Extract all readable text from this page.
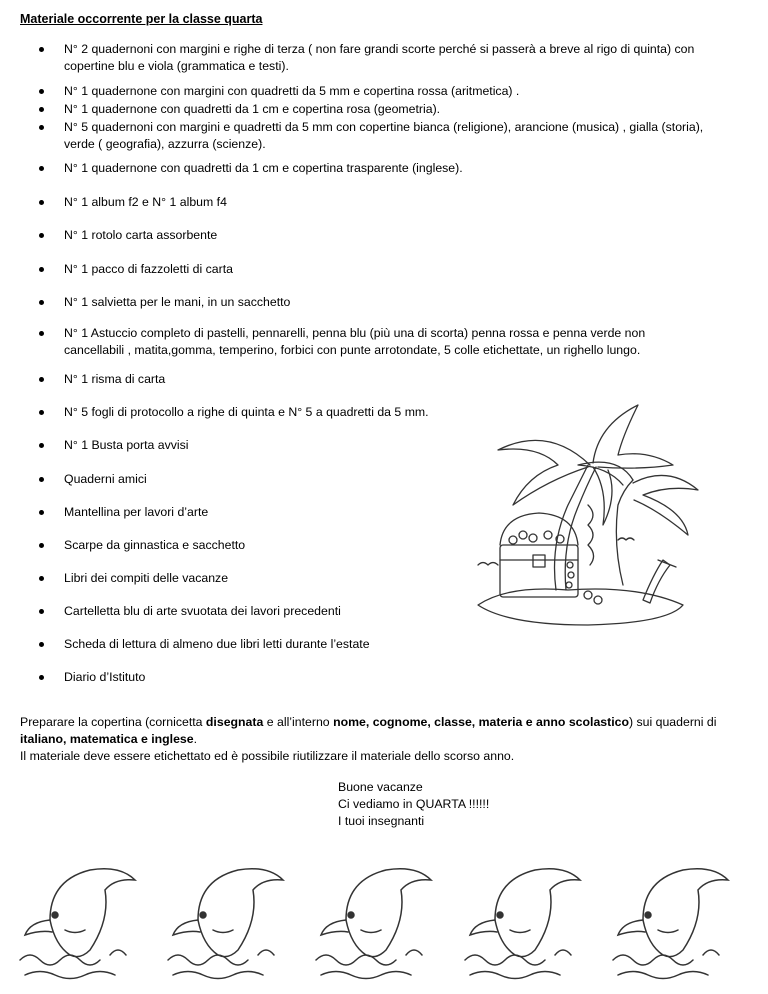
Materiale occorrente per la classe quarta
N° 2 quadernoni con margini e righe di terza ( non fare grandi scorte perché si passerà a breve al rigo di quinta) con copertine blu e viola (grammatica e testi).
N° 1 quadernone con margini con quadretti da 5 mm e copertina rossa (aritmetica) .
N° 1 quadernone con quadretti da 1 cm e copertina rosa (geometria).
N° 5 quadernoni con margini e quadretti da 5 mm con copertine bianca (religione), arancione (musica) , gialla (storia), verde ( geografia), azzurra (scienze).
N° 1 quadernone con quadretti da 1 cm e copertina trasparente (inglese).
N° 1 album f2 e N° 1 album f4
N° 1 rotolo carta assorbente
N° 1 pacco di fazzoletti di carta
N° 1 salvietta per le mani, in un sacchetto
N° 1 Astuccio completo di pastelli, pennarelli, penna blu (più una di scorta) penna rossa e penna verde non cancellabili , matita,gomma, temperino, forbici con punte arrotondate, 5 colle etichettate, un righello lungo.
N° 1 risma di carta
N° 5 fogli di protocollo a righe di quinta e N° 5 a quadretti da 5 mm.
N° 1 Busta porta avvisi
Quaderni amici
Mantellina per lavori d’arte
Scarpe da ginnastica e sacchetto
Libri dei compiti delle vacanze
Cartelletta blu di arte svuotata dei lavori precedenti
Scheda di lettura di almeno due libri letti durante l’estate
Diario d’Istituto

Preparare la copertina (cornicetta disegnata e all’interno nome, cognome, classe, materia e anno scolastico) sui quaderni di italiano, matematica e inglese.
Il materiale deve essere etichettato ed è possibile riutilizzare il materiale dello scorso anno.

Buone vacanze
Ci vediamo in QUARTA !!!!!!
I tuoi insegnanti
